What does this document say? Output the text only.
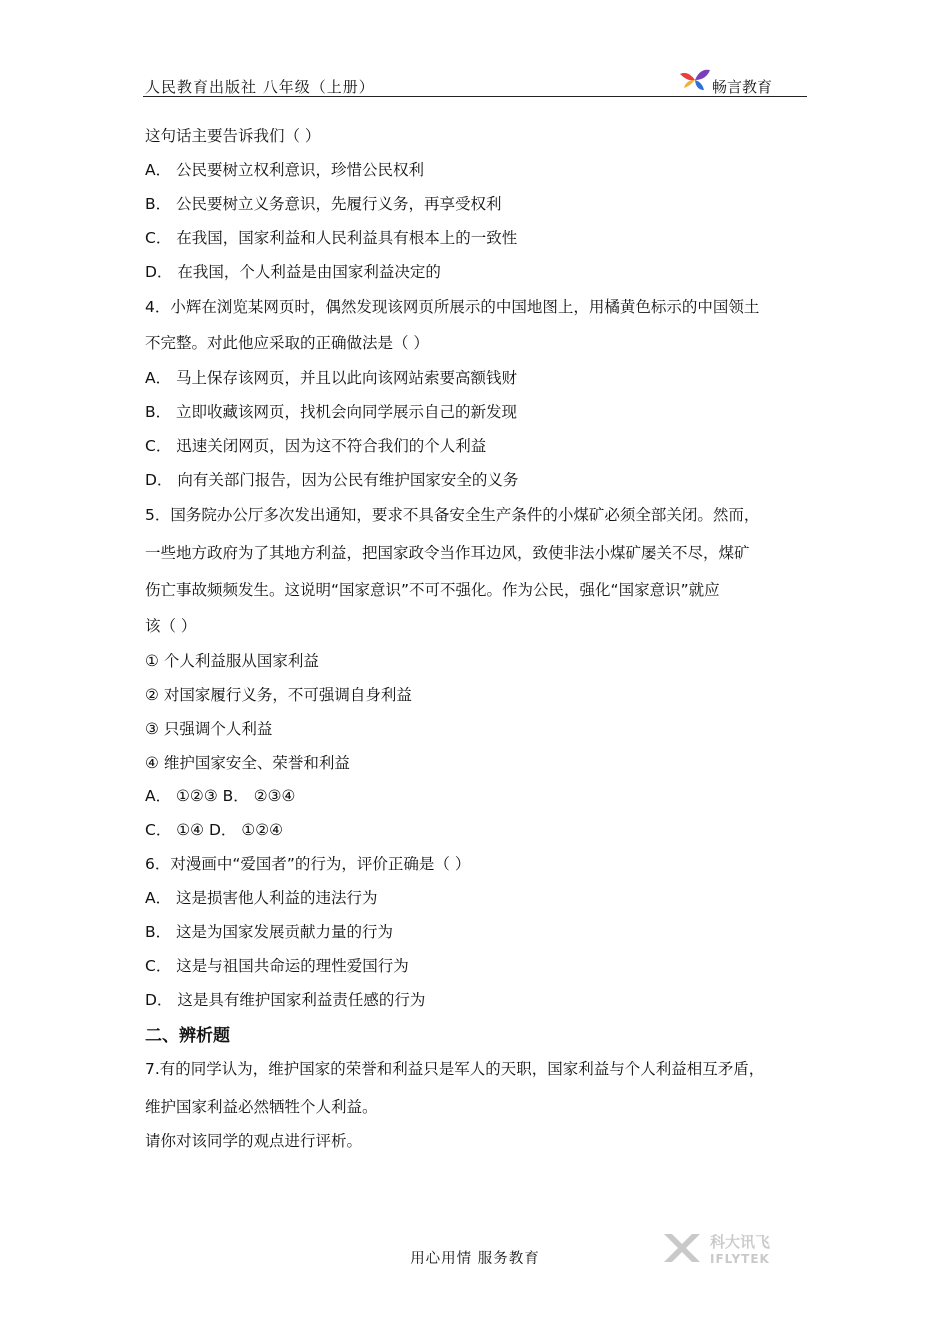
人民教育出版社 八年级（上册）	畅言教育
这句话主要告诉我们（ ）
A． 公民要树立权利意识，珍惜公民权利
B． 公民要树立义务意识，先履行义务，再享受权利
C． 在我国，国家利益和人民利益具有根本上的一致性
D． 在我国，个人利益是由国家利益决定的
4．小辉在浏览某网页时，偶然发现该网页所展示的中国地图上，用橘黄色标示的中国领土
不完整。对此他应采取的正确做法是（ ）
A． 马上保存该网页，并且以此向该网站索要高额钱财
B． 立即收藏该网页，找机会向同学展示自己的新发现
C． 迅速关闭网页，因为这不符合我们的个人利益
D． 向有关部门报告，因为公民有维护国家安全的义务
5．国务院办公厅多次发出通知，要求不具备安全生产条件的小煤矿必须全部关闭。然而，
一些地方政府为了其地方利益，把国家政令当作耳边风，致使非法小煤矿屡关不尽，煤矿
伤亡事故频频发生。这说明“国家意识”不可不强化。作为公民，强化“国家意识”就应
该（ ）
① 个人利益服从国家利益
② 对国家履行义务，不可强调自身利益
③ 只强调个人利益
④ 维护国家安全、荣誉和利益
A． ①②③ B． ②③④
C． ①④ D． ①②④
6．对漫画中“爱国者”的行为，评价正确是（ ）
A． 这是损害他人利益的违法行为
B． 这是为国家发展贡献力量的行为
C． 这是与祖国共命运的理性爱国行为
D． 这是具有维护国家利益责任感的行为
二、辨析题
7.有的同学认为，维护国家的荣誉和利益只是军人的天职，国家利益与个人利益相互矛盾，
维护国家利益必然牺牲个人利益。
请你对该同学的观点进行评析。
用心用情 服务教育
科大讯飞
IFLYTEK
